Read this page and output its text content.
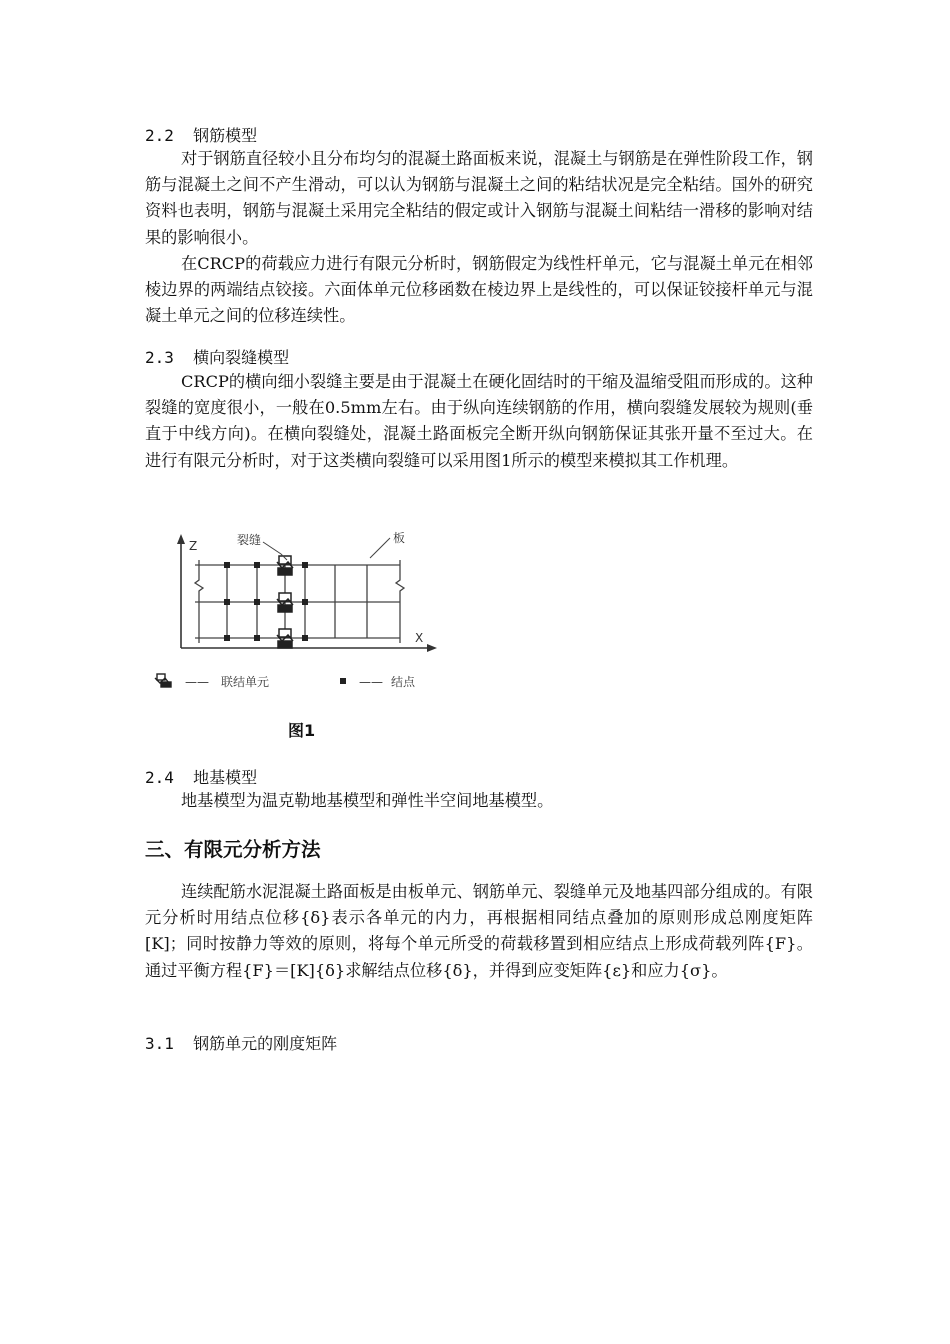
2.2  钢筋模型

对于钢筋直径较小且分布均匀的混凝土路面板来说，混凝土与钢筋是在弹性阶段工作，钢筋与混凝土之间不产生滑动，可以认为钢筋与混凝土之间的粘结状况是完全粘结。国外的研究资料也表明，钢筋与混凝土采用完全粘结的假定或计入钢筋与混凝土间粘结一滑移的影响对结果的影响很小。

在CRCP的荷载应力进行有限元分析时，钢筋假定为线性杆单元，它与混凝土单元在相邻棱边界的两端结点铰接。六面体单元位移函数在棱边界上是线性的，可以保证铰接杆单元与混凝土单元之间的位移连续性。

2.3  横向裂缝模型

CRCP的横向细小裂缝主要是由于混凝土在硬化固结时的干缩及温缩受阻而形成的。这种裂缝的宽度很小，一般在0.5mm左右。由于纵向连续钢筋的作用，横向裂缝发展较为规则(垂直于中线方向)。在横向裂缝处，混凝土路面板完全断开纵向钢筋保证其张开量不至过大。在进行有限元分析时，对于这类横向裂缝可以采用图1所示的模型来模拟其工作机理。

Z
X
裂缝	板
—— 联结单元	—— 结点
图1
2.4  地基模型

地基模型为温克勒地基模型和弹性半空间地基模型。

三、有限元分析方法

连续配筋水泥混凝土路面板是由板单元、钢筋单元、裂缝单元及地基四部分组成的。有限元分析时用结点位移{δ}表示各单元的内力，再根据相同结点叠加的原则形成总刚度矩阵[K]；同时按静力等效的原则，将每个单元所受的荷载移置到相应结点上形成荷载列阵{F}。通过平衡方程{F}＝[K]{δ}求解结点位移{δ}，并得到应变矩阵{ε}和应力{σ}。

3.1  钢筋单元的刚度矩阵
